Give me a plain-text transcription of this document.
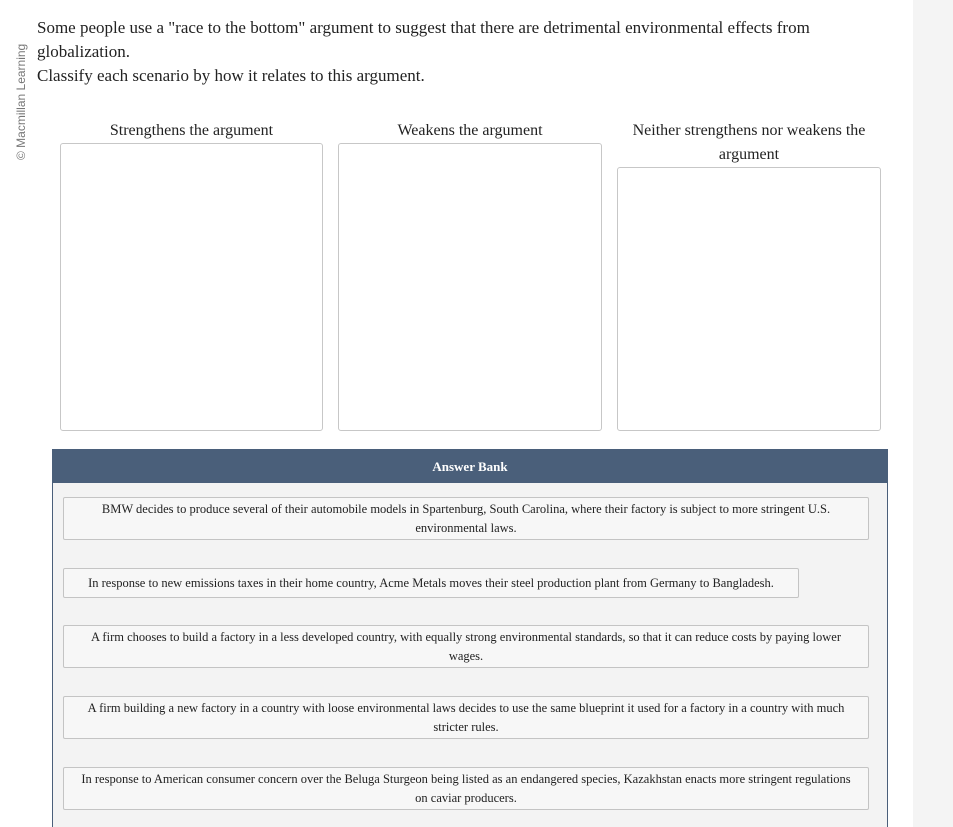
© Macmillan Learning
Some people use a "race to the bottom" argument to suggest that there are detrimental environmental effects from globalization.
Classify each scenario by how it relates to this argument.
Strengthens the argument	Weakens the argument	Neither strengthens nor weakens the argument
Answer Bank
BMW decides to produce several of their automobile models in Spartenburg, South Carolina, where their factory is subject to more stringent U.S. environmental laws.
In response to new emissions taxes in their home country, Acme Metals moves their steel production plant from Germany to Bangladesh.
A firm chooses to build a factory in a less developed country, with equally strong environmental standards, so that it can reduce costs by paying lower wages.
A firm building a new factory in a country with loose environmental laws decides to use the same blueprint it used for a factory in a country with much stricter rules.
In response to American consumer concern over the Beluga Sturgeon being listed as an endangered species, Kazakhstan enacts more stringent regulations on caviar producers.
